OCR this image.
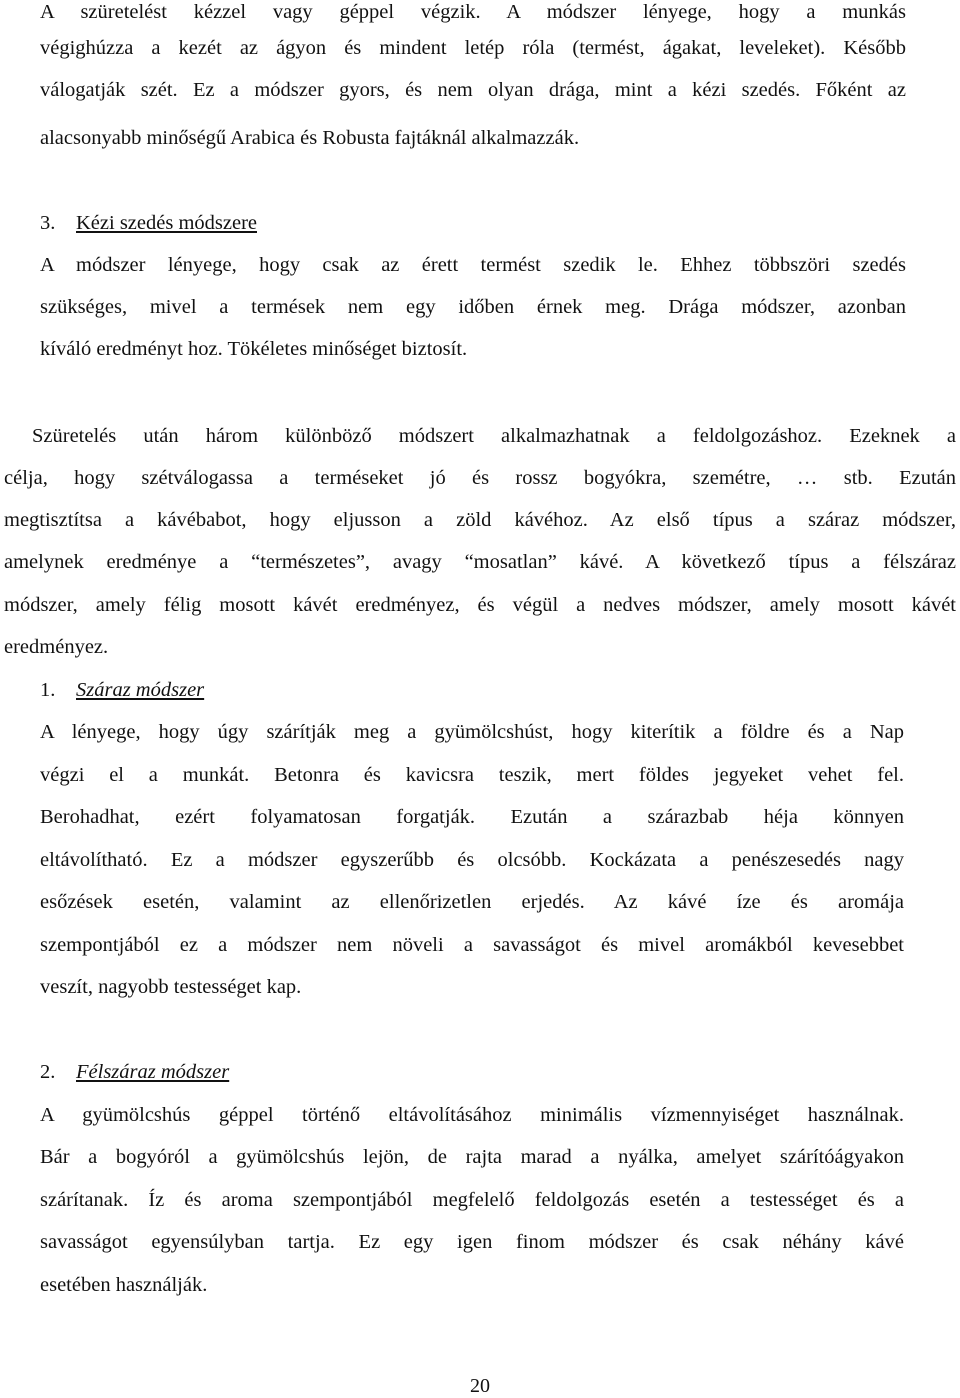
A szüretelést kézzel vagy géppel végzik. A módszer lényege, hogy a munkás
végighúzza a kezét az ágyon és mindent letép róla (termést, ágakat, leveleket). Később
válogatják szét. Ez a módszer gyors, és nem olyan drága, mint a kézi szedés. Főként az
alacsonyabb minőségű Arabica és Robusta fajtáknál alkalmazzák.
3. Kézi szedés módszere
A módszer lényege, hogy csak az érett termést szedik le. Ehhez többszöri szedés
szükséges, mivel a termések nem egy időben érnek meg. Drága módszer, azonban
kíváló eredményt hoz. Tökéletes minőséget biztosít.
Szüretelés után három különböző módszert alkalmazhatnak a feldolgozáshoz. Ezeknek a
célja, hogy szétválogassa a terméseket jó és rossz bogyókra, szemétre, … stb. Ezután
megtisztítsa a kávébabot, hogy eljusson a zöld kávéhoz. Az első típus a száraz módszer,
amelynek eredménye a “természetes”, avagy “mosatlan” kávé. A következő típus a félszáraz
módszer, amely félig mosott kávét eredményez, és végül a nedves módszer, amely mosott kávét
eredményez.
1. Száraz módszer
A lényege, hogy úgy szárítják meg a gyümölcshúst, hogy kiterítik a földre és a Nap
végzi el a munkát. Betonra és kavicsra teszik, mert földes jegyeket vehet fel.
Berohadhat, ezért folyamatosan forgatják. Ezután a szárazbab héja könnyen
eltávolítható. Ez a módszer egyszerűbb és olcsóbb. Kockázata a penészesedés nagy
esőzések esetén, valamint az ellenőrizetlen erjedés. Az kávé íze és aromája
szempontjából ez a módszer nem növeli a savasságot és mivel aromákból kevesebbet
veszít, nagyobb testességet kap.
2. Félszáraz módszer
A gyümölcshús géppel történő eltávolításához minimális vízmennyiséget használnak.
Bár a bogyóról a gyümölcshús lejön, de rajta marad a nyálka, amelyet szárítóágyakon
szárítanak. Íz és aroma szempontjából megfelelő feldolgozás esetén a testességet és a
savasságot egyensúlyban tartja. Ez egy igen finom módszer és csak néhány kávé
esetében használják.
20
